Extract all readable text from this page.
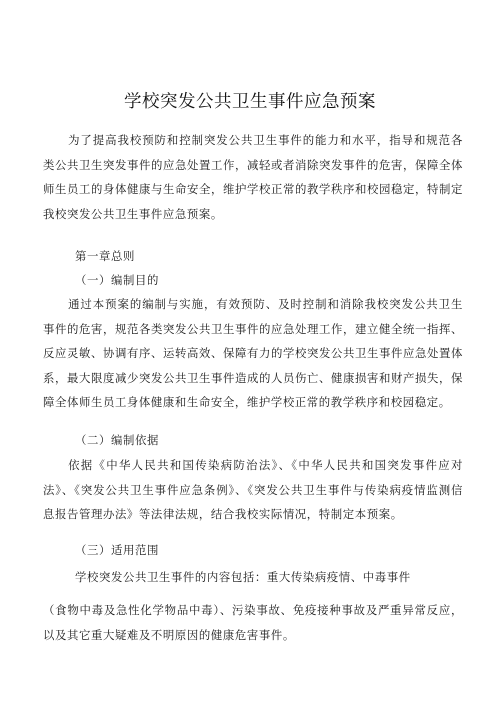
学校突发公共卫生事件应急预案

为了提高我校预防和控制突发公共卫生事件的能力和水平，指导和规范各类公共卫生突发事件的应急处置工作，减轻或者消除突发事件的危害，保障全体师生员工的身体健康与生命安全，维护学校正常的教学秩序和校园稳定，特制定我校突发公共卫生事件应急预案。

第一章总则
（一）编制目的

通过本预案的编制与实施，有效预防、及时控制和消除我校突发公共卫生事件的危害，规范各类突发公共卫生事件的应急处理工作，建立健全统一指挥、反应灵敏、协调有序、运转高效、保障有力的学校突发公共卫生事件应急处置体系，最大限度减少突发公共卫生事件造成的人员伤亡、健康损害和财产损失，保障全体师生员工身体健康和生命安全，维护学校正常的教学秩序和校园稳定。

（二）编制依据

依据《中华人民共和国传染病防治法》、《中华人民共和国突发事件应对法》、《突发公共卫生事件应急条例》、《突发公共卫生事件与传染病疫情监测信息报告管理办法》等法律法规，结合我校实际情况，特制定本预案。

（三）适用范围
学校突发公共卫生事件的内容包括：重大传染病疫情、中毒事件

（食物中毒及急性化学物品中毒）、污染事故、免疫接种事故及严重异常反应，以及其它重大疑难及不明原因的健康危害事件。
